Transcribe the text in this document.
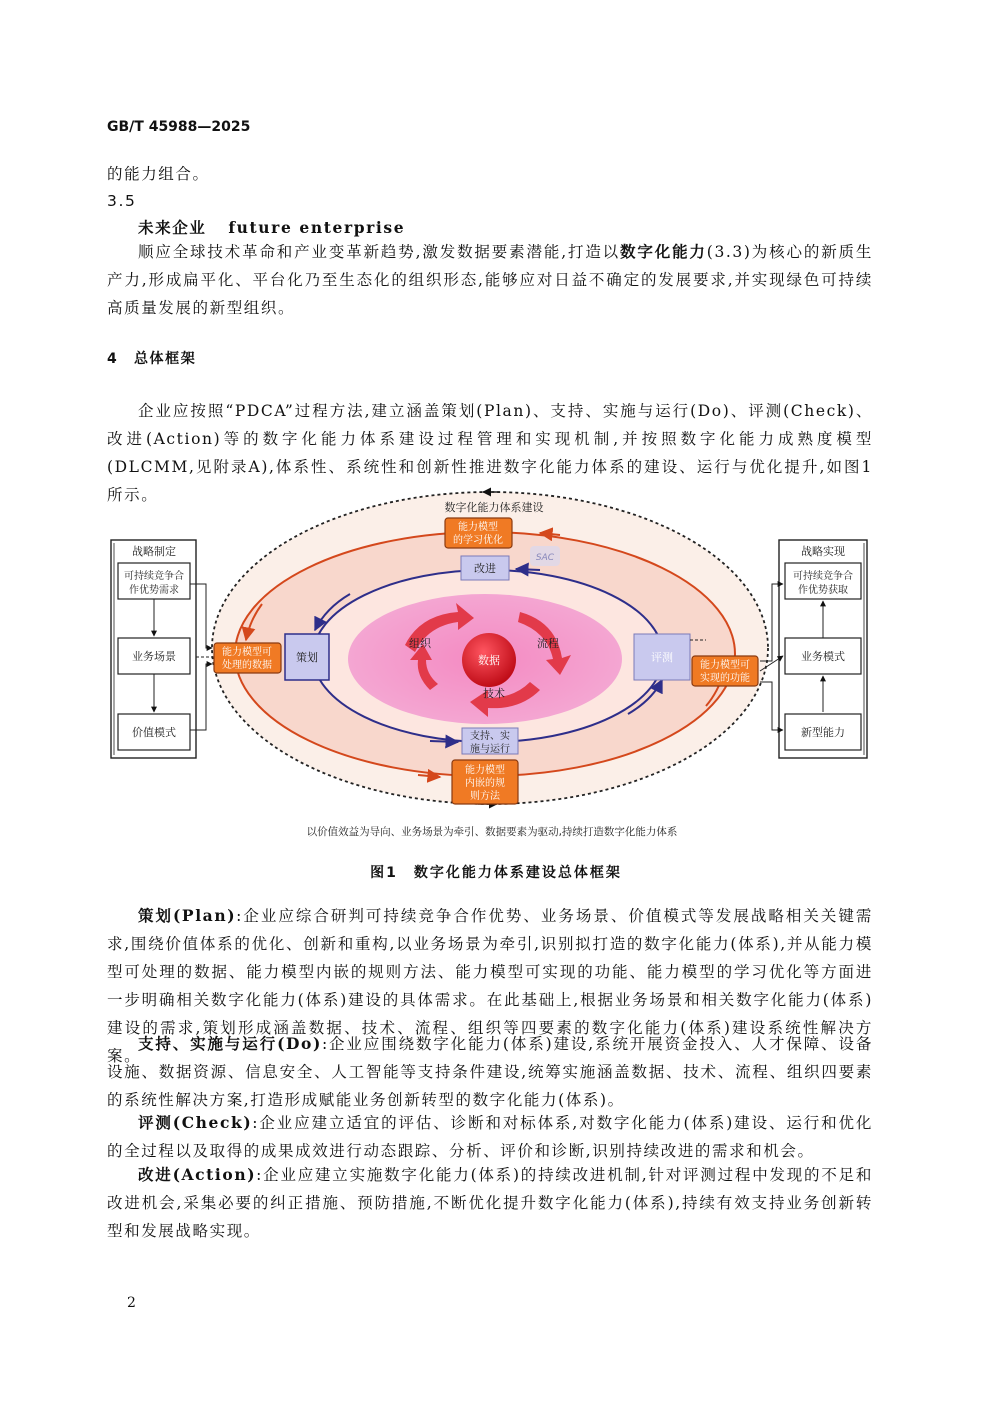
GB/T 45988—2025
的能力组合。
3.5
未来企业 future enterprise
顺应全球技术革命和产业变革新趋势,激发数据要素潜能,打造以数字化能力(3.3)为核心的新质生产力,形成扁平化、平台化乃至生态化的组织形态,能够应对日益不确定的发展要求,并实现绿色可持续高质量发展的新型组织。
4　总体框架
企业应按照“PDCA”过程方法,建立涵盖策划(Plan)、支持、实施与运行(Do)、评测(Check)、改进(Action)等的数字化能力体系建设过程管理和实现机制,并按照数字化能力成熟度模型(DLCMM,见附录A),体系性、系统性和创新性推进数字化能力体系的建设、运行与优化提升,如图1所示。
数据
组织	流程
技术
数字化能力体系建设
改进
策划	评测
支持、实
施与运行
能力模型
的学习优化
能力模型可
处理的数据	能力模型可
实现的功能
能力模型
内嵌的规
则方法
SAC
战略制定
可持续竞争合
作优势需求
业务场景
价值模式
战略实现
可持续竞争合
作优势获取
业务模式
新型能力
以价值效益为导向、业务场景为牵引、数据要素为驱动,持续打造数字化能力体系
图1　数字化能力体系建设总体框架
策划(Plan):企业应综合研判可持续竞争合作优势、业务场景、价值模式等发展战略相关关键需求,围绕价值体系的优化、创新和重构,以业务场景为牵引,识别拟打造的数字化能力(体系),并从能力模型可处理的数据、能力模型内嵌的规则方法、能力模型可实现的功能、能力模型的学习优化等方面进一步明确相关数字化能力(体系)建设的具体需求。在此基础上,根据业务场景和相关数字化能力(体系)建设的需求,策划形成涵盖数据、技术、流程、组织等四要素的数字化能力(体系)建设系统性解决方案。
支持、实施与运行(Do):企业应围绕数字化能力(体系)建设,系统开展资金投入、人才保障、设备设施、数据资源、信息安全、人工智能等支持条件建设,统筹实施涵盖数据、技术、流程、组织四要素的系统性解决方案,打造形成赋能业务创新转型的数字化能力(体系)。
评测(Check):企业应建立适宜的评估、诊断和对标体系,对数字化能力(体系)建设、运行和优化的全过程以及取得的成果成效进行动态跟踪、分析、评价和诊断,识别持续改进的需求和机会。
改进(Action):企业应建立实施数字化能力(体系)的持续改进机制,针对评测过程中发现的不足和改进机会,采集必要的纠正措施、预防措施,不断优化提升数字化能力(体系),持续有效支持业务创新转型和发展战略实现。
2
